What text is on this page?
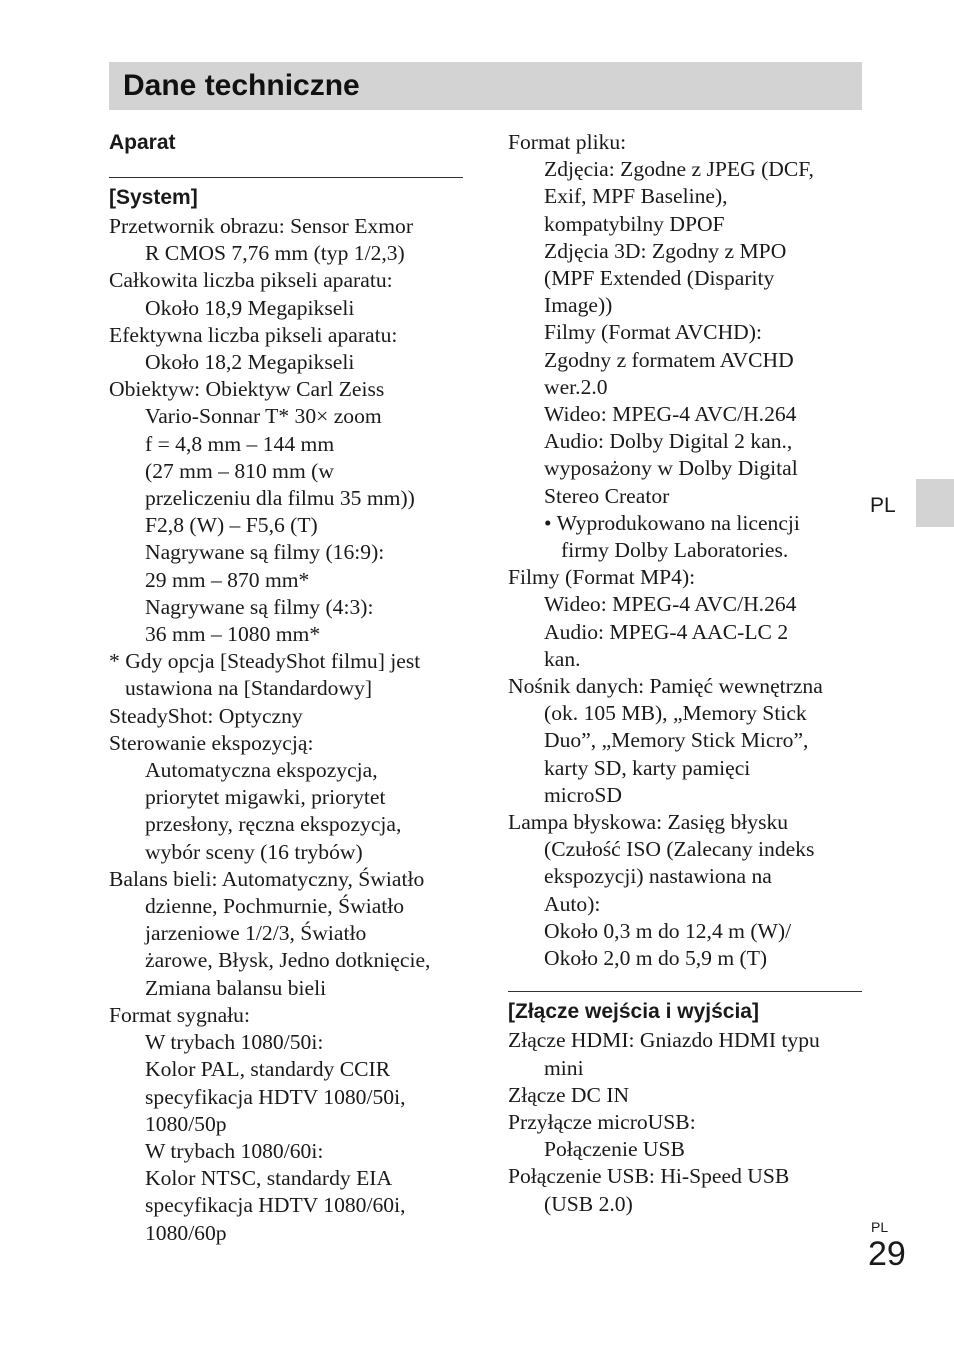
Dane techniczne
Aparat
[System]
Przetwornik obrazu: Sensor Exmor
R CMOS 7,76 mm (typ 1/2,3)
Całkowita liczba pikseli aparatu:
Około 18,9 Megapikseli
Efektywna liczba pikseli aparatu:
Około 18,2 Megapikseli
Obiektyw: Obiektyw Carl Zeiss
Vario-Sonnar T* 30× zoom
f = 4,8 mm – 144 mm
(27 mm – 810 mm (w
przeliczeniu dla filmu 35 mm))
F2,8 (W) – F5,6 (T)
Nagrywane są filmy (16:9):
29 mm – 870 mm*
Nagrywane są filmy (4:3):
36 mm – 1080 mm*
* Gdy opcja [SteadyShot filmu] jest
ustawiona na [Standardowy]
SteadyShot: Optyczny
Sterowanie ekspozycją:
Automatyczna ekspozycja,
priorytet migawki, priorytet
przesłony, ręczna ekspozycja,
wybór sceny (16 trybów)
Balans bieli: Automatyczny, Światło
dzienne, Pochmurnie, Światło
jarzeniowe 1/2/3, Światło
żarowe, Błysk, Jedno dotknięcie,
Zmiana balansu bieli
Format sygnału:
W trybach 1080/50i:
Kolor PAL, standardy CCIR
specyfikacja HDTV 1080/50i,
1080/50p
W trybach 1080/60i:
Kolor NTSC, standardy EIA
specyfikacja HDTV 1080/60i,
1080/60p
Format pliku:
Zdjęcia: Zgodne z JPEG (DCF,
Exif, MPF Baseline),
kompatybilny DPOF
Zdjęcia 3D: Zgodny z MPO
(MPF Extended (Disparity
Image))
Filmy (Format AVCHD):
Zgodny z formatem AVCHD
wer.2.0
Wideo: MPEG-4 AVC/H.264
Audio: Dolby Digital 2 kan.,
wyposażony w Dolby Digital
Stereo Creator
• Wyprodukowano na licencji
firmy Dolby Laboratories.
Filmy (Format MP4):
Wideo: MPEG-4 AVC/H.264
Audio: MPEG-4 AAC-LC 2
kan.
Nośnik danych: Pamięć wewnętrzna
(ok. 105 MB), „Memory Stick
Duo”, „Memory Stick Micro”,
karty SD, karty pamięci
microSD
Lampa błyskowa: Zasięg błysku
(Czułość ISO (Zalecany indeks
ekspozycji) nastawiona na
Auto):
Około 0,3 m do 12,4 m (W)/
Około 2,0 m do 5,9 m (T)
[Złącze wejścia i wyjścia]
Złącze HDMI: Gniazdo HDMI typu
mini
Złącze DC IN
Przyłącze microUSB:
Połączenie USB
Połączenie USB: Hi-Speed USB
(USB 2.0)
PL
PL
29
